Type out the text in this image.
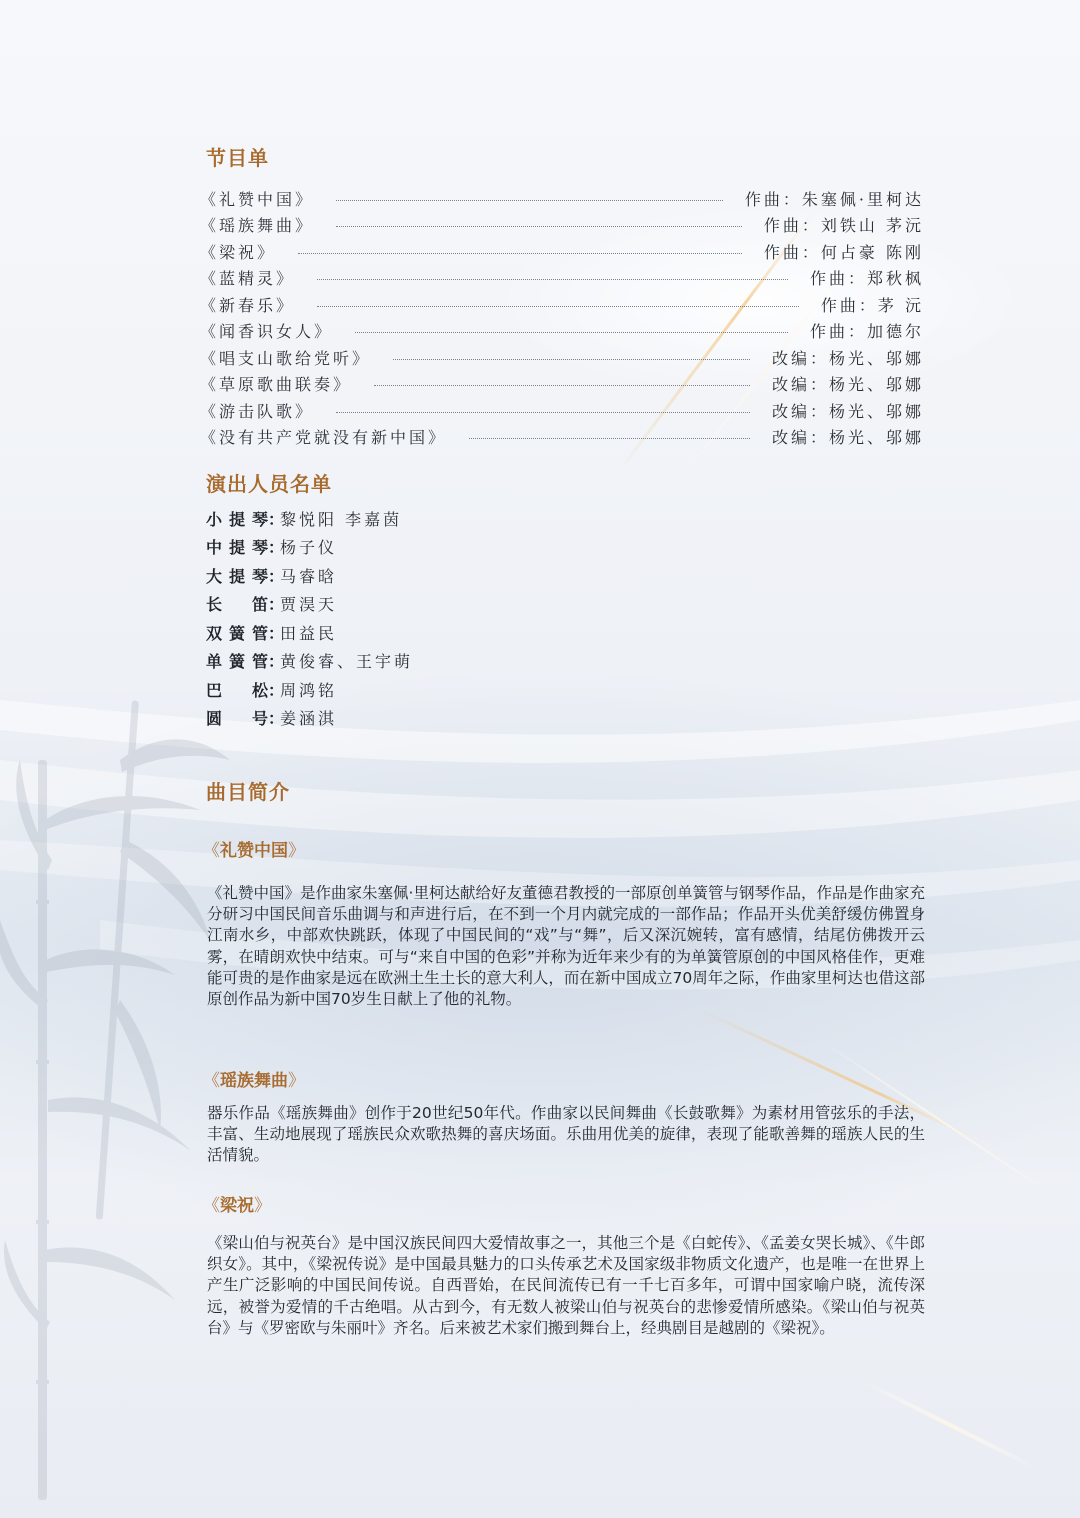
节目单
《礼赞中国》	作曲：朱塞佩·里柯达
《瑶族舞曲》	作曲：刘铁山 茅沅
《梁祝》	作曲：何占豪 陈刚
《蓝精灵》	作曲：郑秋枫
《新春乐》	作曲：茅 沅
《闻香识女人》	作曲：加德尔
《唱支山歌给党听》	改编：杨光、邬娜
《草原歌曲联奏》	改编：杨光、邬娜
《游击队歌》	改编：杨光、邬娜
《没有共产党就没有新中国》	改编：杨光、邬娜
演出人员名单
小提琴 ：
黎悦阳 李嘉茵
中提琴 ：
杨子仪
大提琴 ：
马睿晗
长笛 ：
贾淏天
双簧管 ：
田益民
单簧管 ：
黄俊睿、王宇萌
巴松 ：
周鸿铭
圆号 ：
姜涵淇
曲目简介
《礼赞中国》

《礼赞中国》是作曲家朱塞佩·里柯达献给好友董德君教授的一部原创单簧管与钢琴作品，作品是作曲家充分研习中国民间音乐曲调与和声进行后，在不到一个月内就完成的一部作品；作品开头优美舒缓仿佛置身江南水乡，中部欢快跳跃，体现了中国民间的“戏”与“舞”，后又深沉婉转，富有感情，结尾仿佛拨开云雾，在晴朗欢快中结束。可与“来自中国的色彩”并称为近年来少有的为单簧管原创的中国风格佳作，更难能可贵的是作曲家是远在欧洲土生土长的意大利人，而在新中国成立70周年之际，作曲家里柯达也借这部原创作品为新中国70岁生日献上了他的礼物。

《瑶族舞曲》

器乐作品《瑶族舞曲》创作于20世纪50年代。作曲家以民间舞曲《长鼓歌舞》为素材用管弦乐的手法，丰富、生动地展现了瑶族民众欢歌热舞的喜庆场面。乐曲用优美的旋律，表现了能歌善舞的瑶族人民的生活情貌。

《梁祝》

《梁山伯与祝英台》是中国汉族民间四大爱情故事之一，其他三个是《白蛇传》、《孟姜女哭长城》、《牛郎织女》。其中，《梁祝传说》是中国最具魅力的口头传承艺术及国家级非物质文化遗产，也是唯一在世界上产生广泛影响的中国民间传说。自西晋始，在民间流传已有一千七百多年，可谓中国家喻户晓，流传深远，被誉为爱情的千古绝唱。从古到今，有无数人被梁山伯与祝英台的悲惨爱情所感染。《梁山伯与祝英台》与《罗密欧与朱丽叶》齐名。后来被艺术家们搬到舞台上，经典剧目是越剧的《梁祝》。
